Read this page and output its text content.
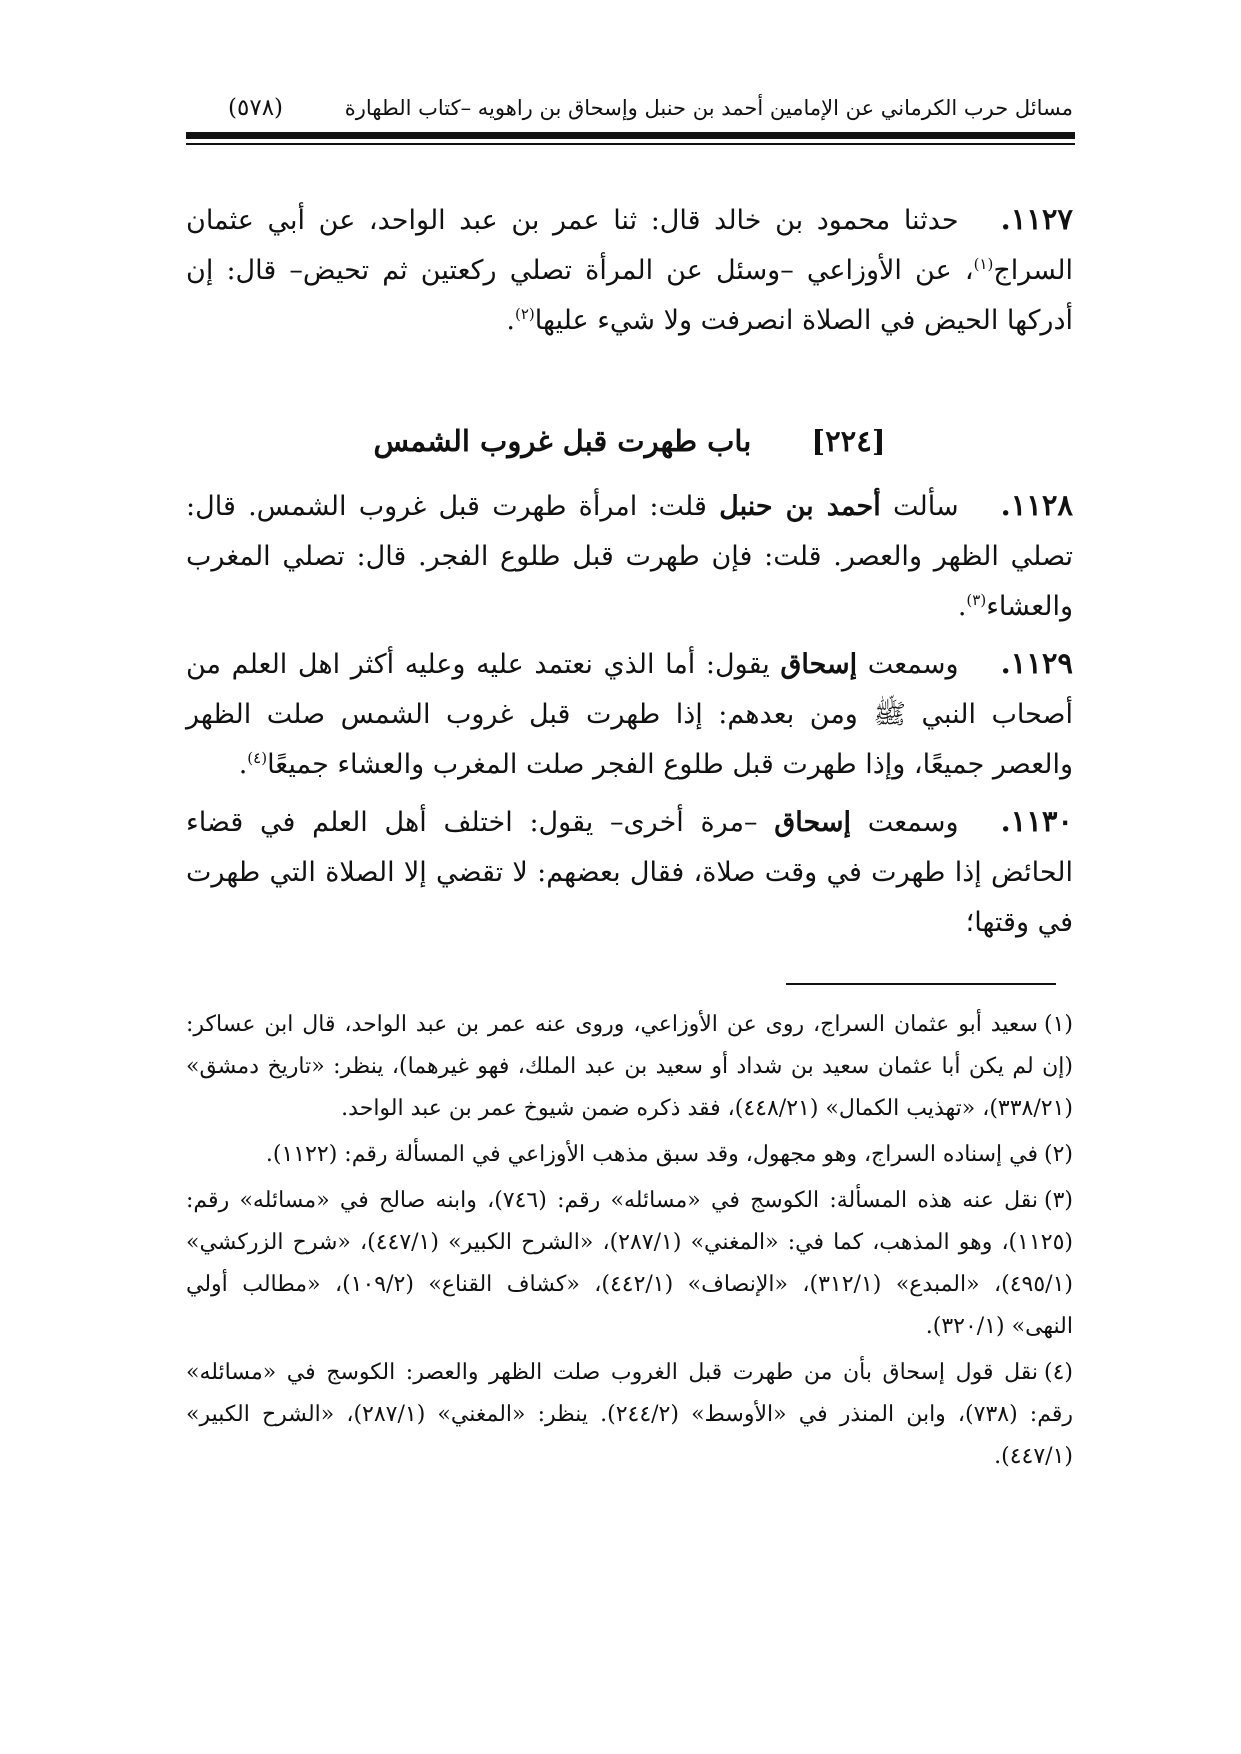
مسائل حرب الكرماني عن الإمامين أحمد بن حنبل وإسحاق بن راهويه –كتاب الطهارة
(٥٧٨)

١١٢٧.حدثنا محمود بن خالد قال: ثنا عمر بن عبد الواحد، عن أبي عثمان السراج$^{(١)}$، عن الأوزاعي –وسئل عن المرأة تصلي ركعتين ثم تحيض– قال: إن أدركها الحيض في الصلاة انصرفت ولا شيء عليها$^{(٢)}$.

[٢٢٤]باب طهرت قبل غروب الشمس

١١٢٨.سألت أحمد بن حنبل قلت: امرأة طهرت قبل غروب الشمس. قال: تصلي الظهر والعصر. قلت: فإن طهرت قبل طلوع الفجر. قال: تصلي المغرب والعشاء$^{(٣)}$.

١١٢٩.وسمعت إسحاق يقول: أما الذي نعتمد عليه وعليه أكثر اهل العلم من أصحاب النبي ﷺ ومن بعدهم: إذا طهرت قبل غروب الشمس صلت الظهر والعصر جميعًا، وإذا طهرت قبل طلوع الفجر صلت المغرب والعشاء جميعًا$^{(٤)}$.

١١٣٠.وسمعت إسحاق –مرة أخرى– يقول: اختلف أهل العلم في قضاء الحائض إذا طهرت في وقت صلاة، فقال بعضهم: لا تقضي إلا الصلاة التي طهرت في وقتها؛

(١)سعيد أبو عثمان السراج، روى عن الأوزاعي، وروى عنه عمر بن عبد الواحد، قال ابن عساكر: (إن لم يكن أبا عثمان سعيد بن شداد أو سعيد بن عبد الملك، فهو غيرهما)، ينظر: «تاريخ دمشق» (٣٣٨/٢١)، «تهذيب الكمال» (٤٤٨/٢١)، فقد ذكره ضمن شيوخ عمر بن عبد الواحد.

(٢)في إسناده السراج، وهو مجهول، وقد سبق مذهب الأوزاعي في المسألة رقم: (١١٢٢).

(٣)نقل عنه هذه المسألة: الكوسج في «مسائله» رقم: (٧٤٦)، وابنه صالح في «مسائله» رقم: (١١٢٥)، وهو المذهب، كما في: «المغني» (٢٨٧/١)، «الشرح الكبير» (٤٤٧/١)، «شرح الزركشي» (٤٩٥/١)، «المبدع» (٣١٢/١)، «الإنصاف» (٤٤٢/١)، «كشاف القناع» (١٠٩/٢)، «مطالب أولي النهى» (٣٢٠/١).

(٤)نقل قول إسحاق بأن من طهرت قبل الغروب صلت الظهر والعصر: الكوسج في «مسائله» رقم: (٧٣٨)، وابن المنذر في «الأوسط» (٢٤٤/٢). ينظر: «المغني» (٢٨٧/١)، «الشرح الكبير» (٤٤٧/١).
